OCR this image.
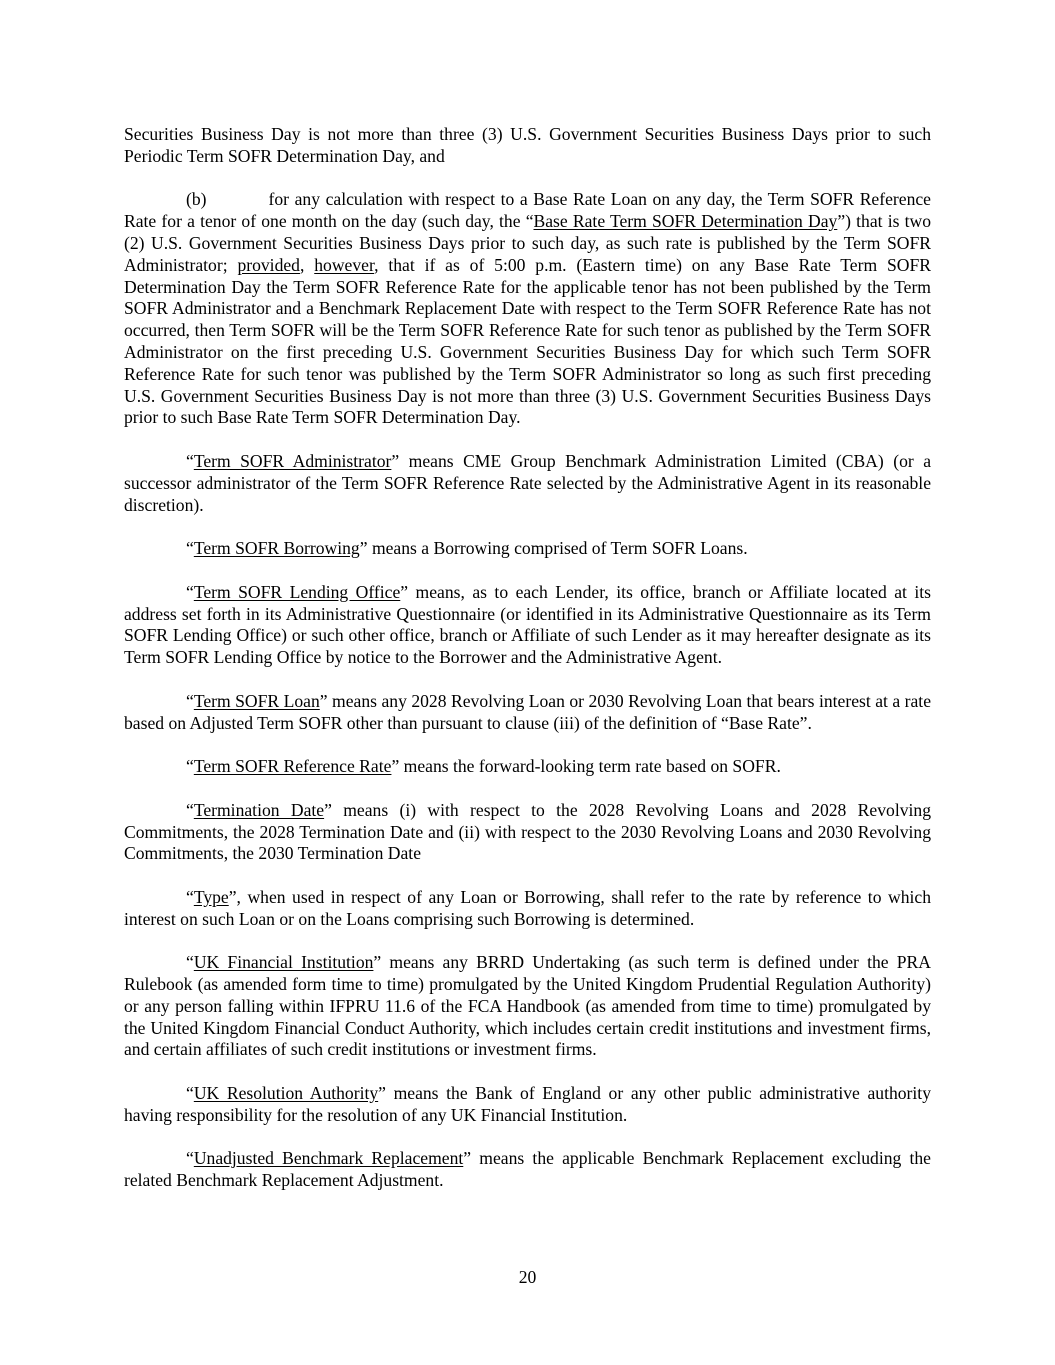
Securities Business Day is not more than three (3) U.S. Government Securities Business Days prior to such Periodic Term SOFR Determination Day, and

(b)	for any calculation with respect to a Base Rate Loan on any day, the Term SOFR Reference Rate for a tenor of one month on the day (such day, the “Base Rate Term SOFR Determination Day”) that is two (2) U.S. Government Securities Business Days prior to such day, as such rate is published by the Term SOFR Administrator; provided, however, that if as of 5:00 p.m. (Eastern time) on any Base Rate Term SOFR Determination Day the Term SOFR Reference Rate for the applicable tenor has not been published by the Term SOFR Administrator and a Benchmark Replacement Date with respect to the Term SOFR Reference Rate has not occurred, then Term SOFR will be the Term SOFR Reference Rate for such tenor as published by the Term SOFR Administrator on the first preceding U.S. Government Securities Business Day for which such Term SOFR Reference Rate for such tenor was published by the Term SOFR Administrator so long as such first preceding U.S. Government Securities Business Day is not more than three (3) U.S. Government Securities Business Days prior to such Base Rate Term SOFR Determination Day.

“Term SOFR Administrator” means CME Group Benchmark Administration Limited (CBA) (or a successor administrator of the Term SOFR Reference Rate selected by the Administrative Agent in its reasonable discretion).

“Term SOFR Borrowing” means a Borrowing comprised of Term SOFR Loans.

“Term SOFR Lending Office” means, as to each Lender, its office, branch or Affiliate located at its address set forth in its Administrative Questionnaire (or identified in its Administrative Questionnaire as its Term SOFR Lending Office) or such other office, branch or Affiliate of such Lender as it may hereafter designate as its Term SOFR Lending Office by notice to the Borrower and the Administrative Agent.

“Term SOFR Loan” means any 2028 Revolving Loan or 2030 Revolving Loan that bears interest at a rate based on Adjusted Term SOFR other than pursuant to clause (iii) of the definition of “Base Rate”.

“Term SOFR Reference Rate” means the forward-looking term rate based on SOFR.

“Termination Date” means (i) with respect to the 2028 Revolving Loans and 2028 Revolving Commitments, the 2028 Termination Date and (ii) with respect to the 2030 Revolving Loans and 2030 Revolving Commitments, the 2030 Termination Date

“Type”, when used in respect of any Loan or Borrowing, shall refer to the rate by reference to which interest on such Loan or on the Loans comprising such Borrowing is determined.

“UK Financial Institution” means any BRRD Undertaking (as such term is defined under the PRA Rulebook (as amended form time to time) promulgated by the United Kingdom Prudential Regulation Authority) or any person falling within IFPRU 11.6 of the FCA Handbook (as amended from time to time) promulgated by the United Kingdom Financial Conduct Authority, which includes certain credit institutions and investment firms, and certain affiliates of such credit institutions or investment firms.

“UK Resolution Authority” means the Bank of England or any other public administrative authority having responsibility for the resolution of any UK Financial Institution.

“Unadjusted Benchmark Replacement” means the applicable Benchmark Replacement excluding the related Benchmark Replacement Adjustment.

20
